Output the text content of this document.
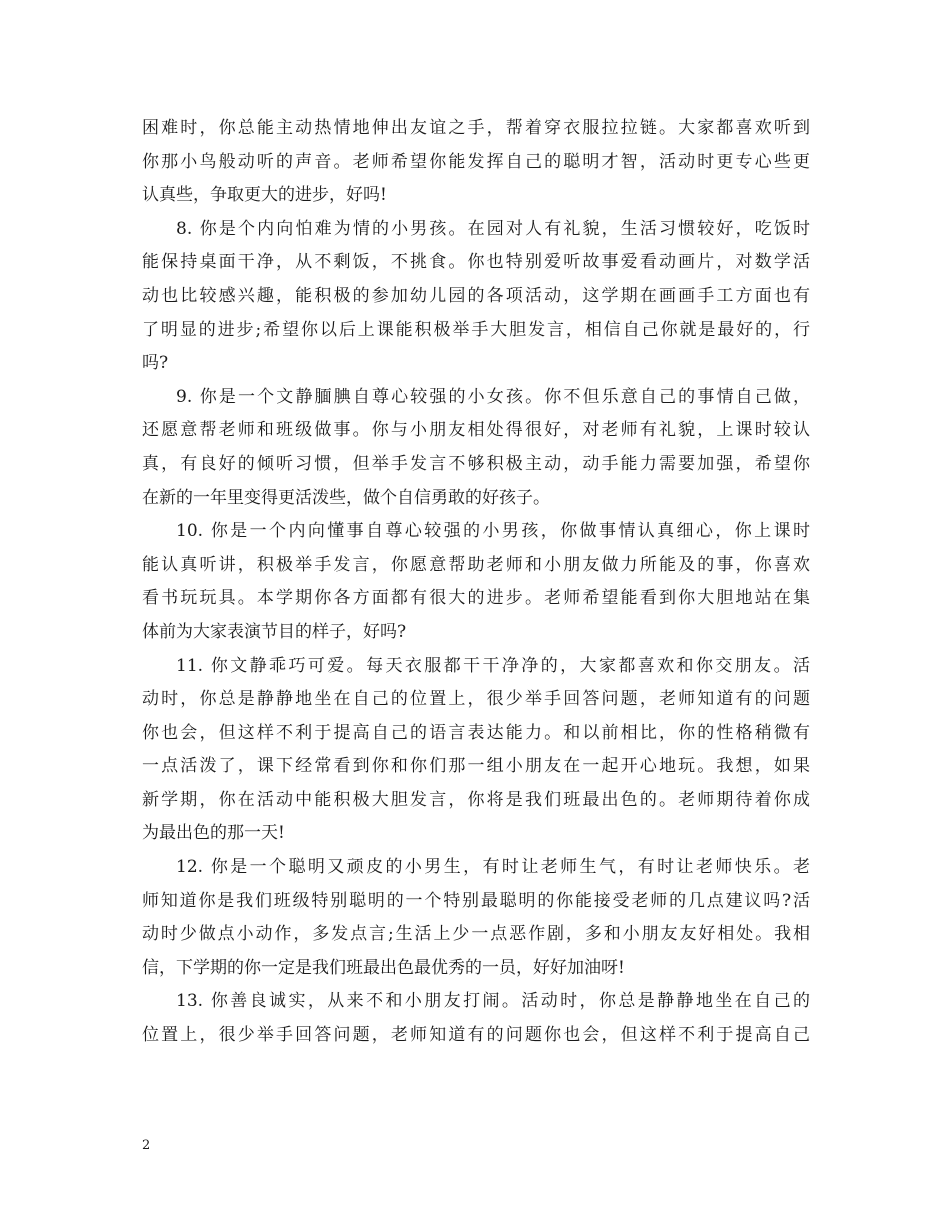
困难时，你总能主动热情地伸出友谊之手，帮着穿衣服拉拉链。大家都喜欢听到
你那小鸟般动听的声音。老师希望你能发挥自己的聪明才智，活动时更专心些更
认真些，争取更大的进步，好吗!
8. 你是个内向怕难为情的小男孩。在园对人有礼貌，生活习惯较好，吃饭时
能保持桌面干净，从不剩饭，不挑食。你也特别爱听故事爱看动画片，对数学活
动也比较感兴趣，能积极的参加幼儿园的各项活动，这学期在画画手工方面也有
了明显的进步;希望你以后上课能积极举手大胆发言，相信自己你就是最好的，行
吗?
9. 你是一个文静腼腆自尊心较强的小女孩。你不但乐意自己的事情自己做，
还愿意帮老师和班级做事。你与小朋友相处得很好，对老师有礼貌，上课时较认
真，有良好的倾听习惯，但举手发言不够积极主动，动手能力需要加强，希望你
在新的一年里变得更活泼些，做个自信勇敢的好孩子。
10. 你是一个内向懂事自尊心较强的小男孩，你做事情认真细心，你上课时
能认真听讲，积极举手发言，你愿意帮助老师和小朋友做力所能及的事，你喜欢
看书玩玩具。本学期你各方面都有很大的进步。老师希望能看到你大胆地站在集
体前为大家表演节目的样子，好吗?
11. 你文静乖巧可爱。每天衣服都干干净净的，大家都喜欢和你交朋友。活
动时，你总是静静地坐在自己的位置上，很少举手回答问题，老师知道有的问题
你也会，但这样不利于提高自己的语言表达能力。和以前相比，你的性格稍微有
一点活泼了，课下经常看到你和你们那一组小朋友在一起开心地玩。我想，如果
新学期，你在活动中能积极大胆发言，你将是我们班最出色的。老师期待着你成
为最出色的那一天!
12. 你是一个聪明又顽皮的小男生，有时让老师生气，有时让老师快乐。老
师知道你是我们班级特别聪明的一个特别最聪明的你能接受老师的几点建议吗?活
动时少做点小动作，多发点言;生活上少一点恶作剧，多和小朋友友好相处。我相
信，下学期的你一定是我们班最出色最优秀的一员，好好加油呀!
13. 你善良诚实，从来不和小朋友打闹。活动时，你总是静静地坐在自己的
位置上，很少举手回答问题，老师知道有的问题你也会，但这样不利于提高自己
2
